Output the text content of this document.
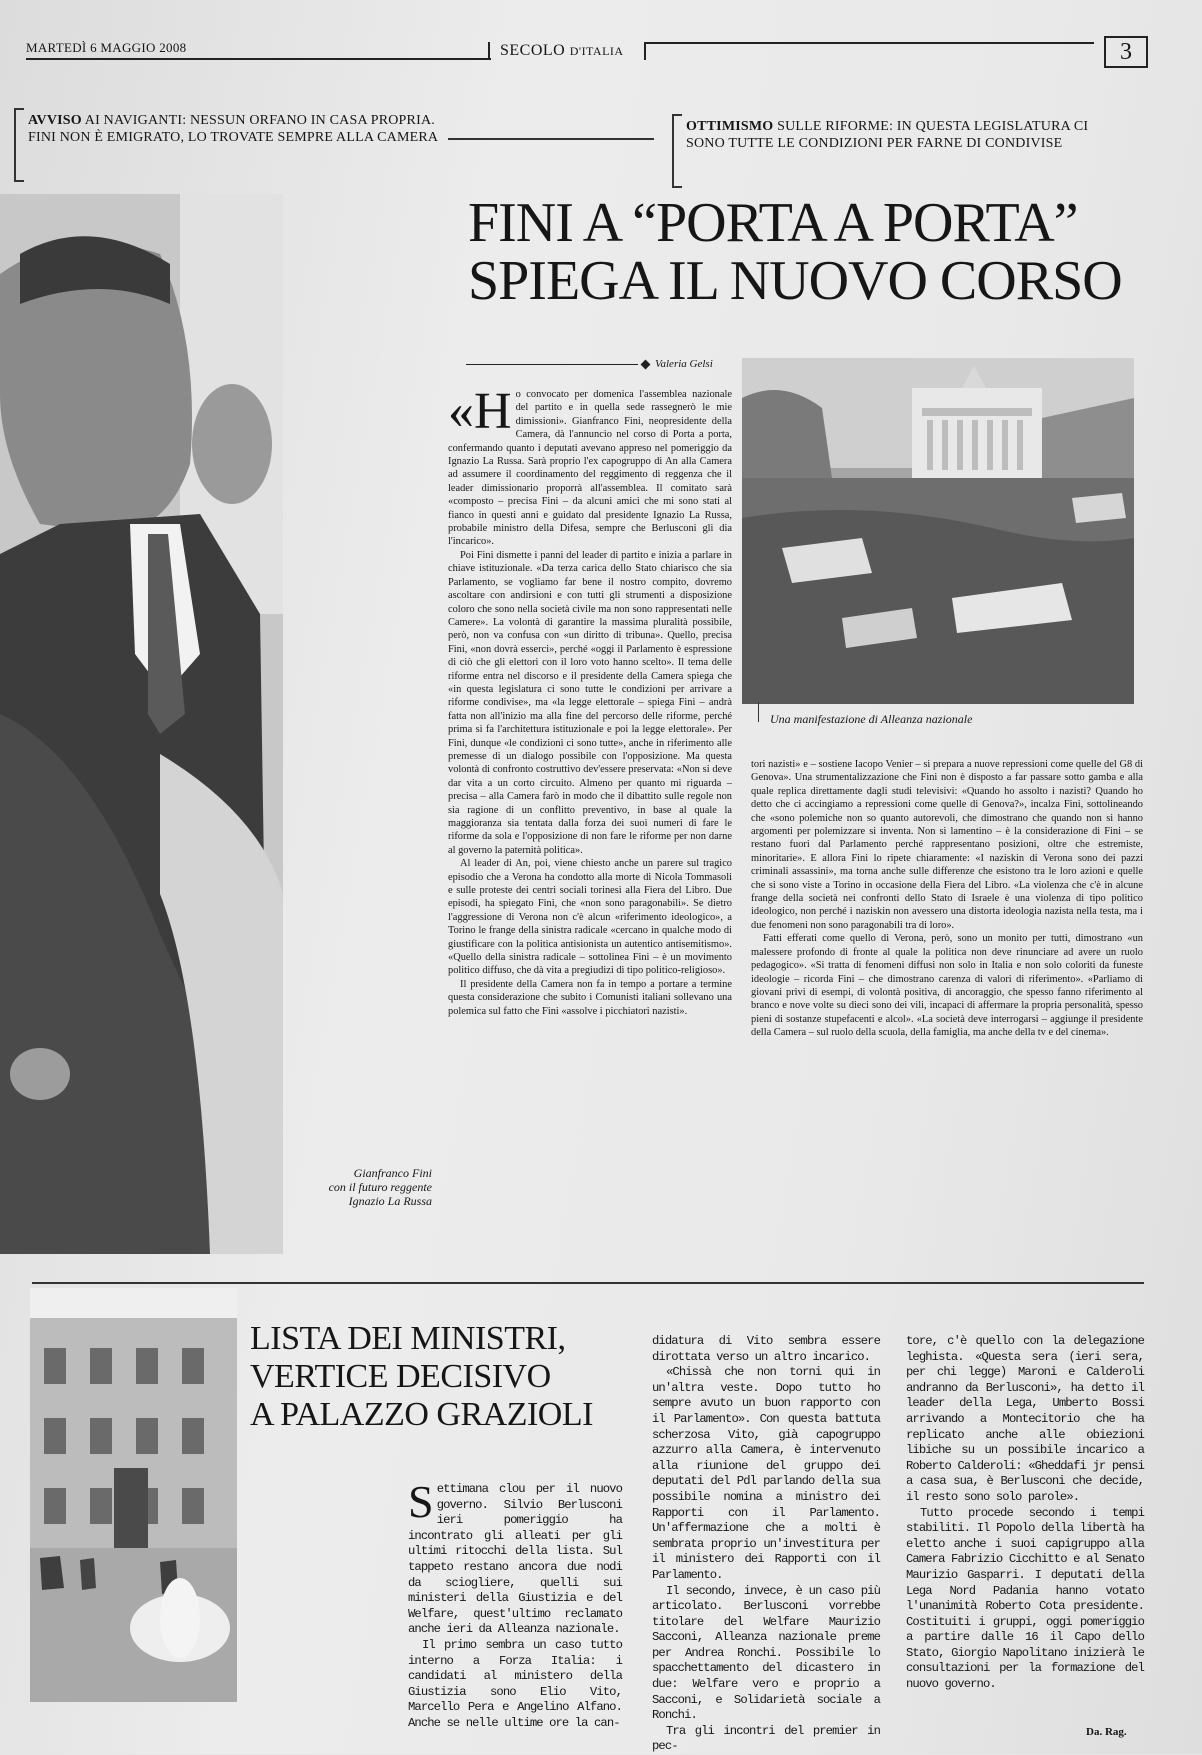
MARTEDÌ 6 MAGGIO 2008	SECOLO D'ITALIA	3
AVVISO AI NAVIGANTI: NESSUN ORFANO IN CASA PROPRIA. FINI NON È EMIGRATO, LO TROVATE SEMPRE ALLA CAMERA
OTTIMISMO SULLE RIFORME: IN QUESTA LEGISLATURA CI SONO TUTTE LE CONDIZIONI PER FARNE DI CONDIVISE
Gianfranco Fini
con il futuro reggente
Ignazio La Russa
FINI A “PORTA A PORTA”
SPIEGA IL NUOVO CORSO
Valeria Gelsi
Una manifestazione di Alleanza nazionale

«Ho convocato per domenica l'assemblea nazionale del partito e in quella sede rassegnerò le mie dimissioni». Gianfranco Fini, neopresidente della Camera, dà l'annuncio nel corso di Porta a porta, confermando quanto i deputati avevano appreso nel pomeriggio da Ignazio La Russa. Sarà proprio l'ex capogruppo di An alla Camera ad assumere il coordinamento del reggimento di reggenza che il leader dimissionario proporrà all'assemblea. Il comitato sarà «composto – precisa Fini – da alcuni amici che mi sono stati al fianco in questi anni e guidato dal presidente Ignazio La Russa, probabile ministro della Difesa, sempre che Berlusconi gli dia l'incarico».

Poi Fini dismette i panni del leader di partito e inizia a parlare in chiave istituzionale. «Da terza carica dello Stato chiarisco che sia Parlamento, se vogliamo far bene il nostro compito, dovremo ascoltare con andirsioni e con tutti gli strumenti a disposizione coloro che sono nella società civile ma non sono rappresentati nelle Camere». La volontà di garantire la massima pluralità possibile, però, non va confusa con «un diritto di tribuna». Quello, precisa Fini, «non dovrà esserci», perché «oggi il Parlamento è espressione di ciò che gli elettori con il loro voto hanno scelto». Il tema delle riforme entra nel discorso e il presidente della Camera spiega che «in questa legislatura ci sono tutte le condizioni per arrivare a riforme condivise», ma «la legge elettorale – spiega Fini – andrà fatta non all'inizio ma alla fine del percorso delle riforme, perché prima si fa l'architettura istituzionale e poi la legge elettorale». Per Fini, dunque «le condizioni ci sono tutte», anche in riferimento alle premesse di un dialogo possibile con l'opposizione. Ma questa volontà di confronto costruttivo dev'essere preservata: «Non si deve dar vita a un corto circuito. Almeno per quanto mi riguarda – precisa – alla Camera farò in modo che il dibattito sulle regole non sia ragione di un conflitto preventivo, in base al quale la maggioranza sia tentata dalla forza dei suoi numeri di fare le riforme da sola e l'opposizione di non fare le riforme per non darne al governo la paternità politica».

Al leader di An, poi, viene chiesto anche un parere sul tragico episodio che a Verona ha condotto alla morte di Nicola Tommasoli e sulle proteste dei centri sociali torinesi alla Fiera del Libro. Due episodi, ha spiegato Fini, che «non sono paragonabili». Se dietro l'aggressione di Verona non c'è alcun «riferimento ideologico», a Torino le frange della sinistra radicale «cercano in qualche modo di giustificare con la politica antisionista un autentico antisemitismo». «Quello della sinistra radicale – sottolinea Fini – è un movimento politico diffuso, che dà vita a pregiudizi di tipo politico-religioso».

Il presidente della Camera non fa in tempo a portare a termine questa considerazione che subito i Comunisti italiani sollevano una polemica sul fatto che Fini «assolve i picchiatori nazisti».

tori nazisti» e – sostiene Iacopo Venier – si prepara a nuove repressioni come quelle del G8 di Genova». Una strumentalizzazione che Fini non è disposto a far passare sotto gamba e alla quale replica direttamente dagli studi televisivi: «Quando ho assolto i nazisti? Quando ho detto che ci accingiamo a repressioni come quelle di Genova?», incalza Fini, sottolineando che «sono polemiche non so quanto autorevoli, che dimostrano che quando non si hanno argomenti per polemizzare si inventa. Non si lamentino – è la considerazione di Fini – se restano fuori dal Parlamento perché rappresentano posizioni, oltre che estremiste, minoritarie». E allora Fini lo ripete chiaramente: «I naziskin di Verona sono dei pazzi criminali assassini», ma torna anche sulle differenze che esistono tra le loro azioni e quelle che si sono viste a Torino in occasione della Fiera del Libro. «La violenza che c'è in alcune frange della società nei confronti dello Stato di Israele è una violenza di tipo politico ideologico, non perché i naziskin non avessero una distorta ideologia nazista nella testa, ma i due fenomeni non sono paragonabili tra di loro».

Fatti efferati come quello di Verona, però, sono un monito per tutti, dimostrano «un malessere profondo di fronte al quale la politica non deve rinunciare ad avere un ruolo pedagogico». «Si tratta di fenomeni diffusi non solo in Italia e non solo coloriti da funeste ideologie – ricorda Fini – che dimostrano carenza di valori di riferimento». «Parliamo di giovani privi di esempi, di volontà positiva, di ancoraggio, che spesso fanno riferimento al branco e nove volte su dieci sono dei vili, incapaci di affermare la propria personalità, spesso pieni di sostanze stupefacenti e alcol». «La società deve interrogarsi – aggiunge il presidente della Camera – sul ruolo della scuola, della famiglia, ma anche della tv e del cinema».

LISTA DEI MINISTRI,
VERTICE DECISIVO
A PALAZZO GRAZIOLI

Settimana clou per il nuovo governo. Silvio Berlusconi ieri pomeriggio ha incontrato gli alleati per gli ultimi ritocchi della lista. Sul tappeto restano ancora due nodi da sciogliere, quelli sui ministeri della Giustizia e del Welfare, quest'ultimo reclamato anche ieri da Alleanza nazionale.

Il primo sembra un caso tutto interno a Forza Italia: i candidati al ministero della Giustizia sono Elio Vito, Marcello Pera e Angelino Alfano. Anche se nelle ultime ore la can-

didatura di Vito sembra essere dirottata verso un altro incarico.

«Chissà che non torni qui in un'altra veste. Dopo tutto ho sempre avuto un buon rapporto con il Parlamento». Con questa battuta scherzosa Vito, già capogruppo azzurro alla Camera, è intervenuto alla riunione del gruppo dei deputati del Pdl parlando della sua possibile nomina a ministro dei Rapporti con il Parlamento. Un'affermazione che a molti è sembrata proprio un'investitura per il ministero dei Rapporti con il Parlamento.

Il secondo, invece, è un caso più articolato. Berlusconi vorrebbe titolare del Welfare Maurizio Sacconi, Alleanza nazionale preme per Andrea Ronchi. Possibile lo spacchettamento del dicastero in due: Welfare vero e proprio a Sacconi, e Solidarietà sociale a Ronchi.

Tra gli incontri del premier in pec-

tore, c'è quello con la delegazione leghista. «Questa sera (ieri sera, per chi legge) Maroni e Calderoli andranno da Berlusconi», ha detto il leader della Lega, Umberto Bossi arrivando a Montecitorio che ha replicato anche alle obiezioni libiche su un possibile incarico a Roberto Calderoli: «Gheddafi jr pensi a casa sua, è Berlusconi che decide, il resto sono solo parole».

Tutto procede secondo i tempi stabiliti. Il Popolo della libertà ha eletto anche i suoi capigruppo alla Camera Fabrizio Cicchitto e al Senato Maurizio Gasparri. I deputati della Lega Nord Padania hanno votato l'unanimità Roberto Cota presidente. Costituiti i gruppi, oggi pomeriggio a partire dalle 16 il Capo dello Stato, Giorgio Napolitano inizierà le consultazioni per la formazione del nuovo governo.

Da. Rag.
